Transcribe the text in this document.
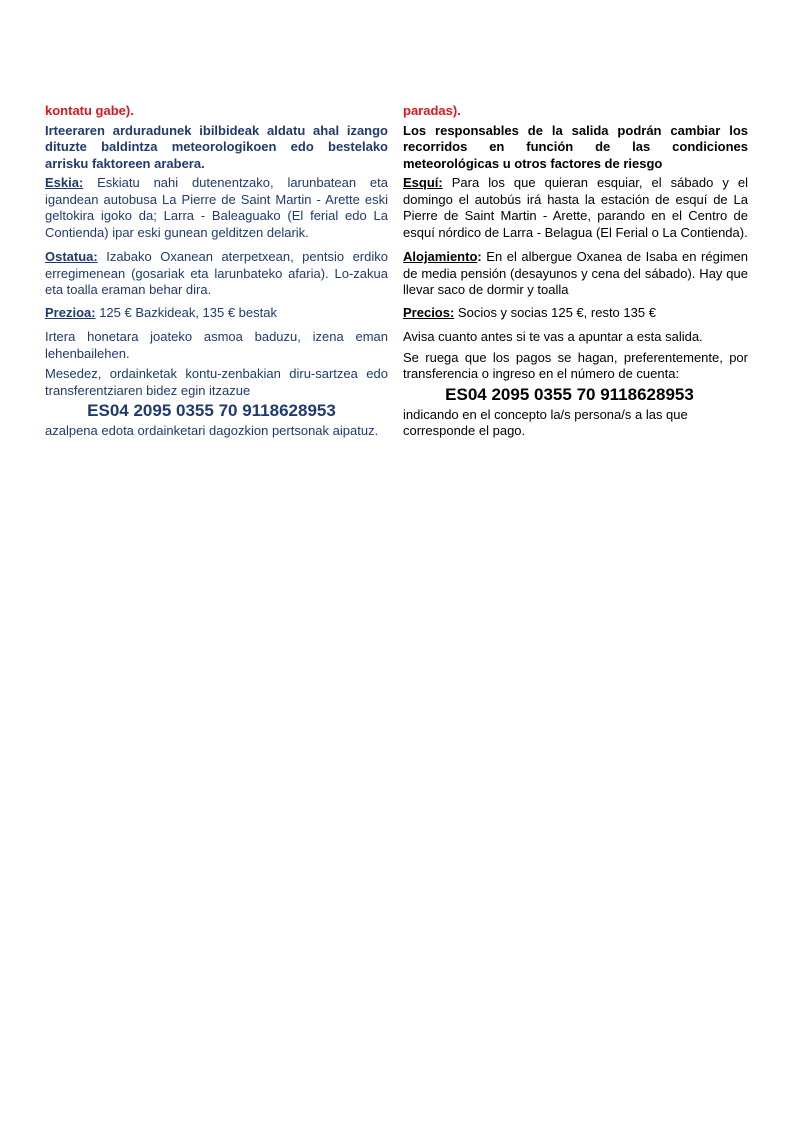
kontatu gabe).

Irteeraren arduradunek ibilbideak aldatu ahal izango dituzte baldintza meteorologikoen edo bestelako arrisku faktoreen arabera.

Eskia: Eskiatu nahi dutenentzako, larunbatean eta igandean autobusa La Pierre de Saint Martin - Arette eski geltokira igoko da; Larra - Baleaguako (El ferial edo La Contienda) ipar eski gunean gelditzen delarik.

Ostatua: Izabako Oxanean aterpetxean, pentsio erdiko erregimenean (gosariak eta larunbateko afaria). Lo-zakua eta toalla eraman behar dira.

Prezioa: 125 € Bazkideak, 135 € bestak

Irtera honetara joateko asmoa baduzu, izena eman lehenbailehen.

Mesedez, ordainketak kontu-zenbakian diru-sartzea edo transferentziaren bidez egin itzazue

ES04 2095 0355 70 9118628953

azalpena edota ordainketari dagozkion pertsonak aipatuz.

paradas).

Los responsables de la salida podrán cambiar los recorridos en función de las condiciones meteorológicas u otros factores de riesgo

Esquí: Para los que quieran esquiar, el sábado y el domingo el autobús irá hasta la estación de esquí de La Pierre de Saint Martin - Arette, parando en el Centro de esquí nórdico de Larra - Belagua (El Ferial o La Contienda).

Alojamiento: En el albergue Oxanea de Isaba en régimen de media pensión (desayunos y cena del sábado). Hay que llevar saco de dormir y toalla

Precios: Socios y socias 125 €, resto 135 €

Avisa cuanto antes si te vas a apuntar a esta salida.

Se ruega que los pagos se hagan, preferentemente, por transferencia o ingreso en el número de cuenta:

ES04 2095 0355 70 9118628953

indicando en el concepto la/s persona/s a las que corresponde el pago.
